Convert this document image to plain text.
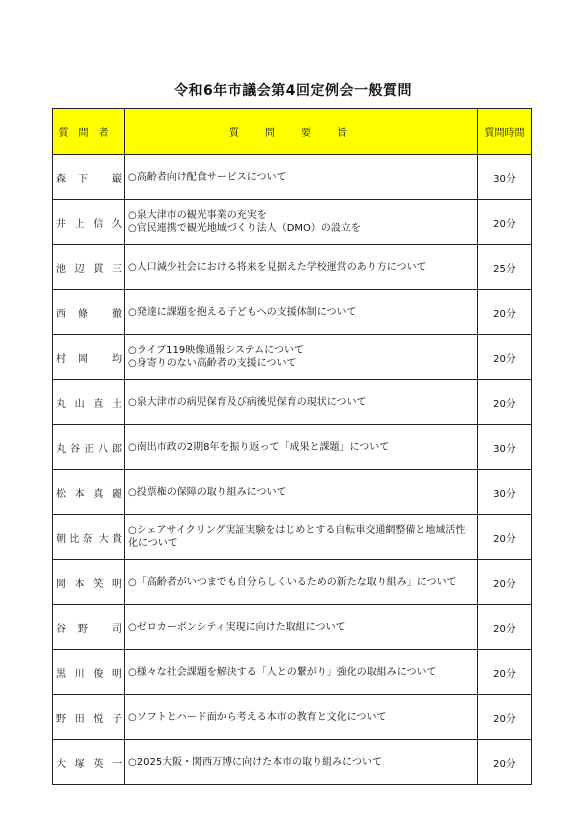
令和6年市議会第4回定例会一般質問
質問者	質問要旨	質問時間

森 下 巌	○高齢者向け配食サービスについて	30分

井 上 信 久	○泉大津市の観光事業の充実を
○官民連携で観光地域づくり法人（DMO）の設立を	20分

池 辺 貫 三	○人口減少社会における将来を見据えた学校運営のあり方について	25分

西 條 徹	○発達に課題を抱える子どもへの支援体制について	20分

村 岡 均	○ライブ119映像通報システムについて
○身寄りのない高齢者の支援について	20分

丸 山 直 土	○泉大津市の病児保育及び病後児保育の現状について	20分

丸 谷 正 八 郎	○南出市政の2期8年を振り返って「成果と課題」について	30分

松 本 真 麗	○投票権の保障の取り組みについて	30分

朝 比 奈 大 貴	○シェアサイクリング実証実験をはじめとする自転車交通網整備と地域活性化について	20分

岡 本 笑 明	○「高齢者がいつまでも自分らしくいるための新たな取り組み」について	20分

谷 野 司	○ゼロカーボンシティ実現に向けた取組について	20分

黒 川 俊 明	○様々な社会課題を解決する「人との繋がり」強化の取組みについて	20分

野 田 悦 子	○ソフトとハード面から考える本市の教育と文化について	20分

大 塚 英 一	○2025大阪・関西万博に向けた本市の取り組みについて	20分
